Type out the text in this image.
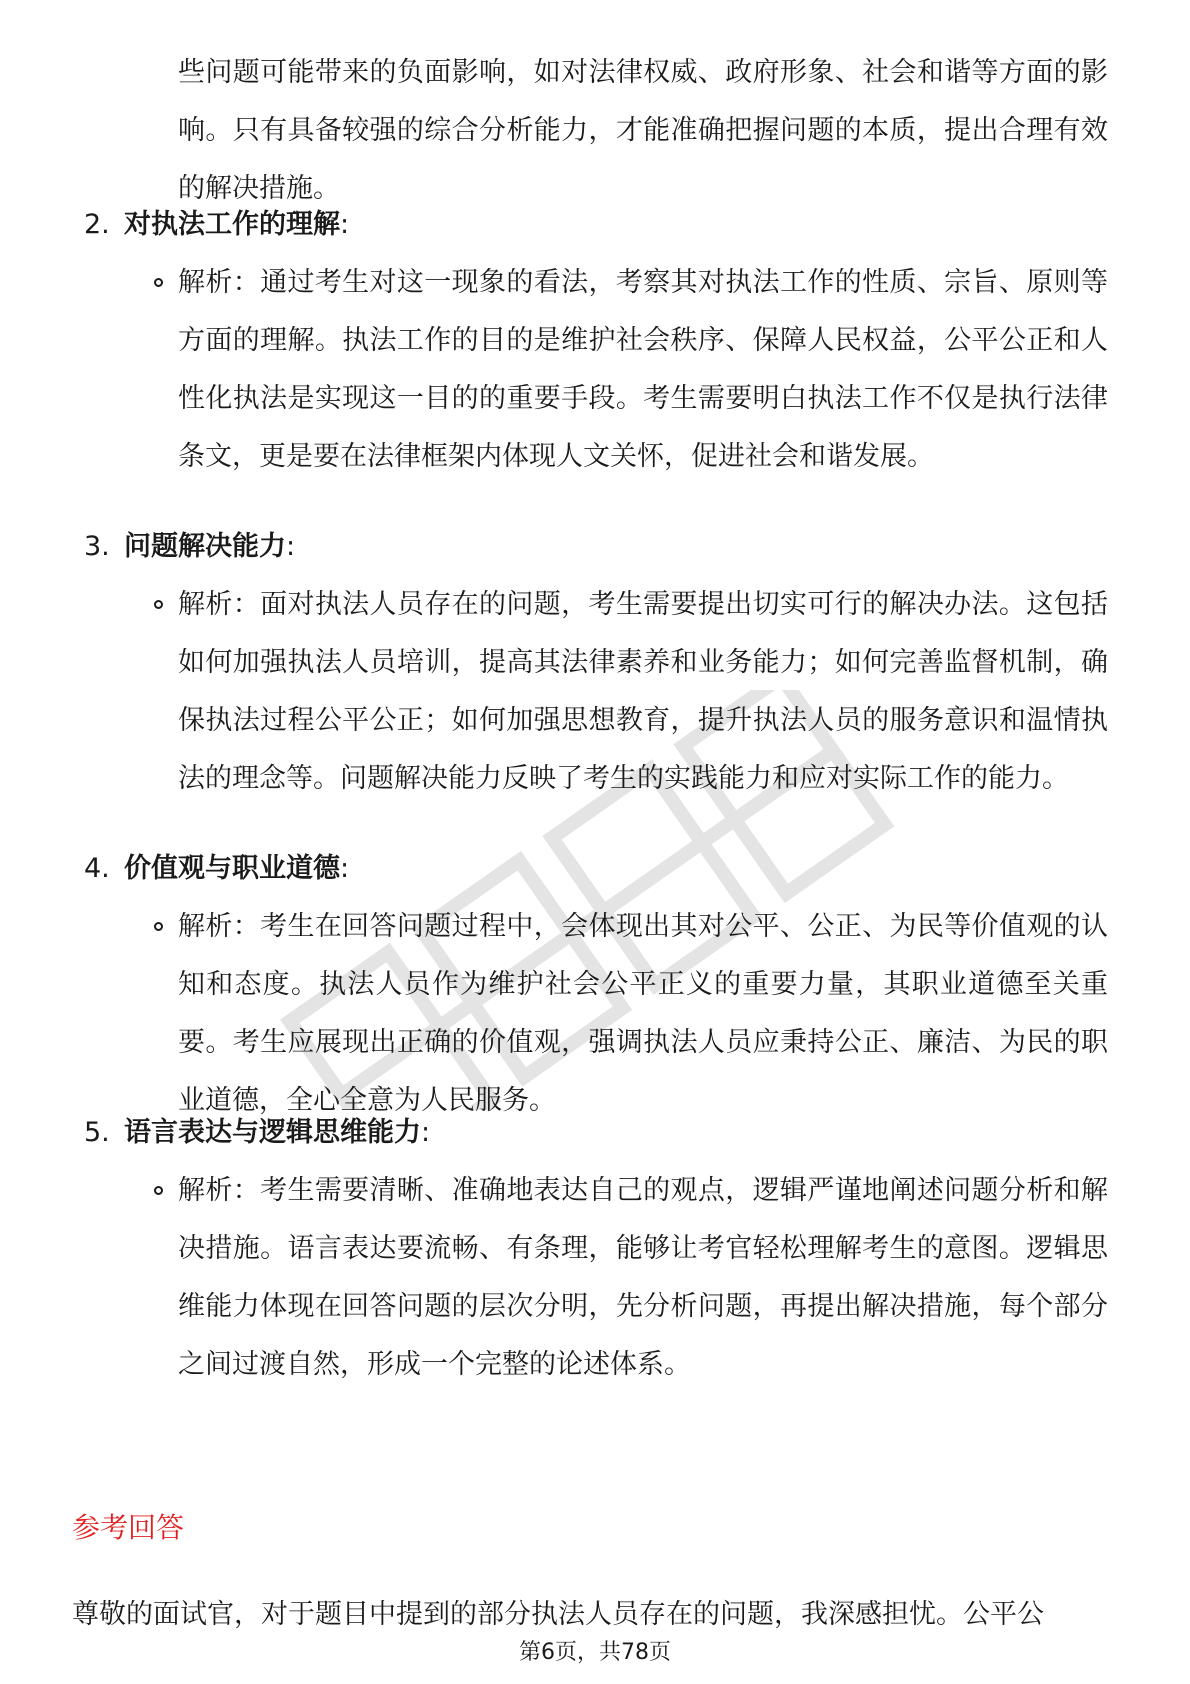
些问题可能带来的负面影响，如对法律权威、政府形象、社会和谐等方面的影响。只有具备较强的综合分析能力，才能准确把握问题的本质，提出合理有效的解决措施。

2. 对执法工作的理解:
解析：通过考生对这一现象的看法，考察其对执法工作的性质、宗旨、原则等方面的理解。执法工作的目的是维护社会秩序、保障人民权益，公平公正和人性化执法是实现这一目的的重要手段。考生需要明白执法工作不仅是执行法律条文，更是要在法律框架内体现人文关怀，促进社会和谐发展。
3. 问题解决能力:
解析：面对执法人员存在的问题，考生需要提出切实可行的解决办法。这包括如何加强执法人员培训，提高其法律素养和业务能力；如何完善监督机制，确保执法过程公平公正；如何加强思想教育，提升执法人员的服务意识和温情执法的理念等。问题解决能力反映了考生的实践能力和应对实际工作的能力。
4. 价值观与职业道德:
解析：考生在回答问题过程中，会体现出其对公平、公正、为民等价值观的认知和态度。执法人员作为维护社会公平正义的重要力量，其职业道德至关重要。考生应展现出正确的价值观，强调执法人员应秉持公正、廉洁、为民的职业道德，全心全意为人民服务。
5. 语言表达与逻辑思维能力:
解析：考生需要清晰、准确地表达自己的观点，逻辑严谨地阐述问题分析和解决措施。语言表达要流畅、有条理，能够让考官轻松理解考生的意图。逻辑思维能力体现在回答问题的层次分明，先分析问题，再提出解决措施，每个部分之间过渡自然，形成一个完整的论述体系。
参考回答

尊敬的面试官，对于题目中提到的部分执法人员存在的问题，我深感担忧。公平公

第6页，共78页
